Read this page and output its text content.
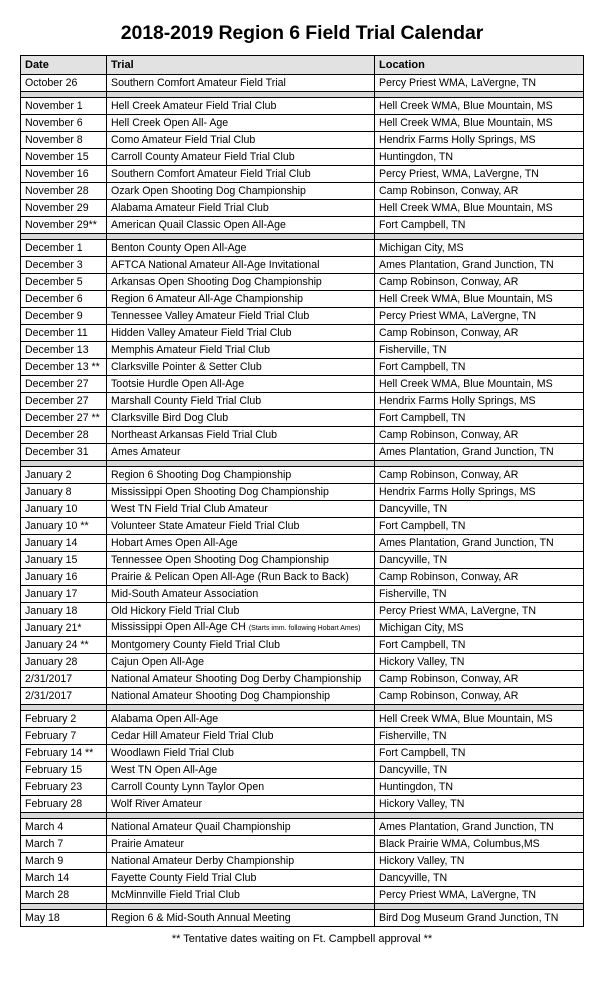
2018-2019 Region 6 Field Trial Calendar
Date	Trial	Location
October 26	Southern Comfort Amateur Field Trial	Percy Priest WMA, LaVergne, TN

November 1	Hell Creek Amateur Field Trial Club	Hell Creek WMA, Blue Mountain, MS
November 6	Hell Creek Open All- Age	Hell Creek WMA, Blue Mountain, MS
November 8	Como Amateur Field Trial Club	Hendrix Farms Holly Springs, MS
November 15	Carroll County Amateur Field Trial Club	Huntingdon, TN
November 16	Southern Comfort Amateur Field Trial Club	Percy Priest, WMA, LaVergne, TN
November 28	Ozark Open Shooting Dog Championship	Camp Robinson, Conway, AR
November 29	Alabama Amateur Field Trial Club	Hell Creek WMA, Blue Mountain, MS
November 29**	American Quail Classic Open All-Age	Fort Campbell, TN

December 1	Benton County Open All-Age	Michigan City, MS
December 3	AFTCA National Amateur All-Age Invitational	Ames Plantation, Grand Junction, TN
December 5	Arkansas Open Shooting Dog Championship	Camp Robinson, Conway, AR
December 6	Region 6 Amateur All-Age Championship	Hell Creek WMA, Blue Mountain, MS
December 9	Tennessee Valley Amateur Field Trial Club	Percy Priest WMA, LaVergne, TN
December 11	Hidden Valley Amateur Field Trial Club	Camp Robinson, Conway, AR
December 13	Memphis Amateur Field Trial Club	Fisherville, TN
December 13 **	Clarksville Pointer & Setter Club	Fort Campbell, TN
December 27	Tootsie Hurdle Open All-Age	Hell Creek WMA, Blue Mountain, MS
December 27	Marshall County Field Trial Club	Hendrix Farms Holly Springs, MS
December 27 **	Clarksville Bird Dog Club	Fort Campbell, TN
December 28	Northeast Arkansas Field Trial Club	Camp Robinson, Conway, AR
December 31	Ames Amateur	Ames Plantation, Grand Junction, TN

January 2	Region 6 Shooting Dog Championship	Camp Robinson, Conway, AR
January 8	Mississippi Open Shooting Dog Championship	Hendrix Farms Holly Springs, MS
January 10	West TN Field Trial Club Amateur	Dancyville, TN
January 10 **	Volunteer State Amateur Field Trial Club	Fort Campbell, TN
January 14	Hobart Ames Open All-Age	Ames Plantation, Grand Junction, TN
January 15	Tennessee Open Shooting Dog Championship	Dancyville, TN
January 16	Prairie & Pelican Open All-Age (Run Back to Back)	Camp Robinson, Conway, AR
January 17	Mid-South Amateur Association	Fisherville, TN
January 18	Old Hickory Field Trial Club	Percy Priest WMA, LaVergne, TN
January 21*	Mississippi Open All-Age CH (Starts imm. following Hobart Ames)	Michigan City, MS
January 24 **	Montgomery County Field Trial Club	Fort Campbell, TN
January 28	Cajun Open All-Age	Hickory Valley, TN
2/31/2017	National Amateur Shooting Dog Derby Championship	Camp Robinson, Conway, AR
2/31/2017	National Amateur Shooting Dog Championship	Camp Robinson, Conway, AR

February 2	Alabama Open All-Age	Hell Creek WMA, Blue Mountain, MS
February 7	Cedar Hill Amateur Field Trial Club	Fisherville, TN
February 14 **	Woodlawn Field Trial Club	Fort Campbell, TN
February 15	West TN Open All-Age	Dancyville, TN
February 23	Carroll County Lynn Taylor Open	Huntingdon, TN
February 28	Wolf River Amateur	Hickory Valley, TN

March 4	National Amateur Quail Championship	Ames Plantation, Grand Junction, TN
March 7	Prairie Amateur	Black Prairie WMA, Columbus,MS
March 9	National Amateur Derby Championship	Hickory Valley, TN
March 14	Fayette County Field Trial Club	Dancyville, TN
March 28	McMinnville Field Trial Club	Percy Priest WMA, LaVergne, TN

May 18	Region 6 & Mid-South Annual Meeting	Bird Dog Museum Grand Junction, TN
** Tentative dates waiting on Ft. Campbell approval **
